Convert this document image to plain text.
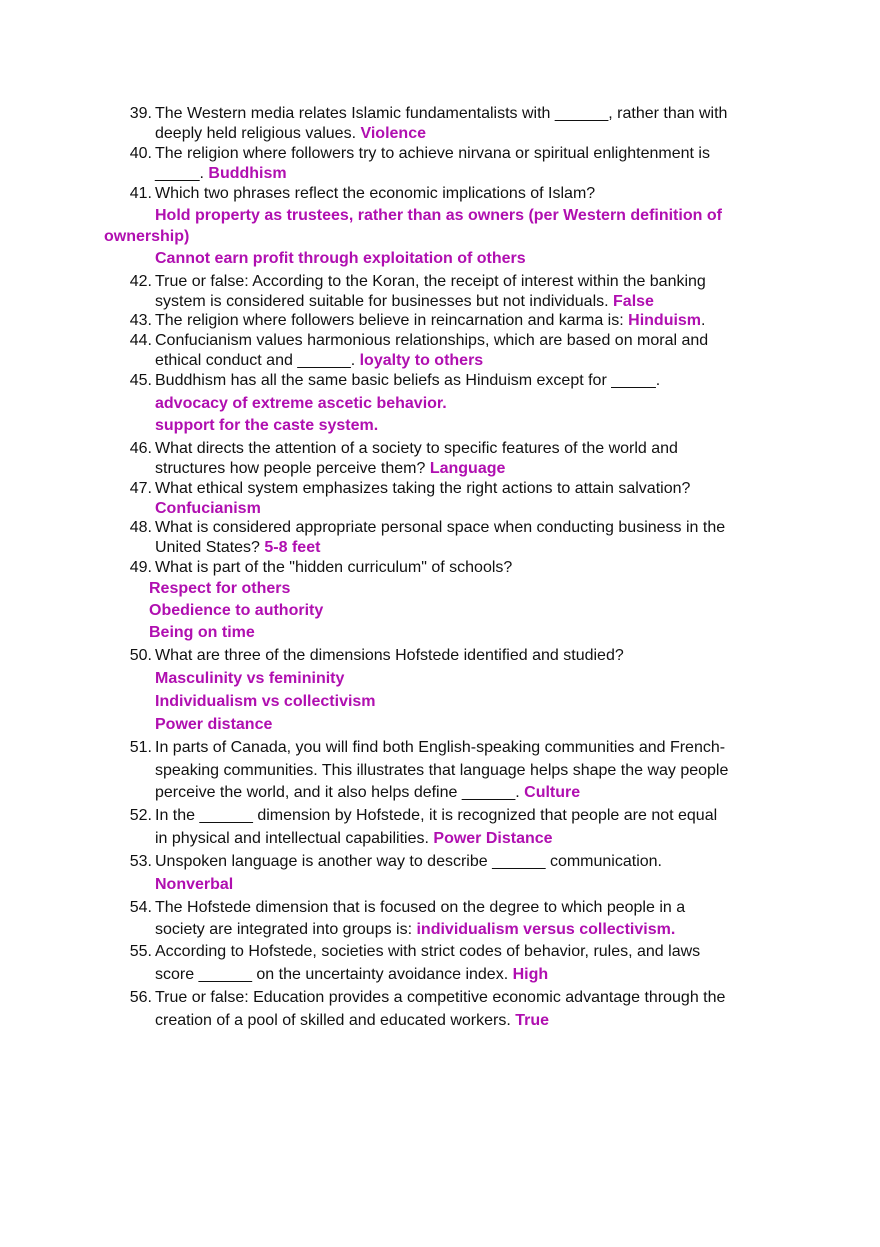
39. The Western media relates Islamic fundamentalists with ______, rather than with
deeply held religious values. Violence
40. The religion where followers try to achieve nirvana or spiritual enlightenment is
_____. Buddhism
41. Which two phrases reflect the economic implications of Islam?
Hold property as trustees, rather than as owners (per Western definition of
ownership)
Cannot earn profit through exploitation of others
42. True or false: According to the Koran, the receipt of interest within the banking
system is considered suitable for businesses but not individuals. False
43. The religion where followers believe in reincarnation and karma is: Hinduism.
44. Confucianism values harmonious relationships, which are based on moral and
ethical conduct and ______. loyalty to others
45. Buddhism has all the same basic beliefs as Hinduism except for _____.
advocacy of extreme ascetic behavior.
support for the caste system.
46. What directs the attention of a society to specific features of the world and
structures how people perceive them? Language
47. What ethical system emphasizes taking the right actions to attain salvation?
Confucianism
48. What is considered appropriate personal space when conducting business in the
United States? 5-8 feet
49. What is part of the "hidden curriculum" of schools?
Respect for others
Obedience to authority
Being on time
50. What are three of the dimensions Hofstede identified and studied?
Masculinity vs femininity
Individualism vs collectivism
Power distance
51. In parts of Canada, you will find both English-speaking communities and French-
speaking communities. This illustrates that language helps shape the way people
perceive the world, and it also helps define ______. Culture
52. In the ______ dimension by Hofstede, it is recognized that people are not equal
in physical and intellectual capabilities. Power Distance
53. Unspoken language is another way to describe ______ communication.
Nonverbal
54. The Hofstede dimension that is focused on the degree to which people in a
society are integrated into groups is: individualism versus collectivism.
55. According to Hofstede, societies with strict codes of behavior, rules, and laws
score ______ on the uncertainty avoidance index. High
56. True or false: Education provides a competitive economic advantage through the
creation of a pool of skilled and educated workers. True
